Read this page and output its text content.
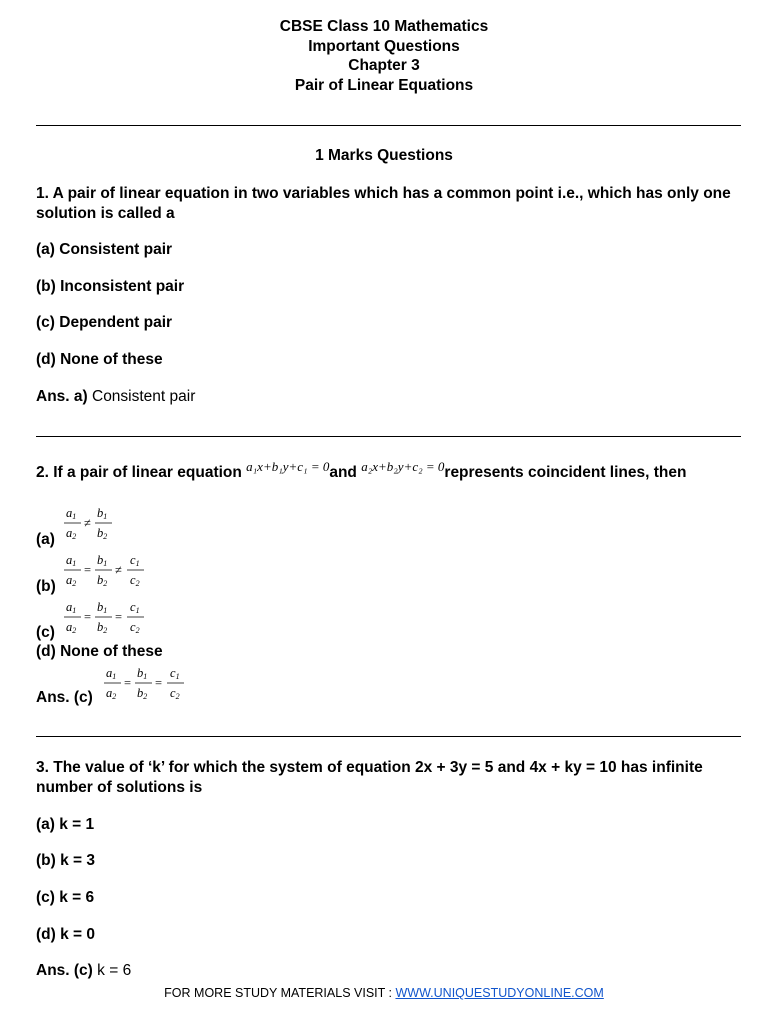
CBSE Class 10 Mathematics
Important Questions
Chapter 3
Pair of Linear Equations
1 Marks Questions
1. A pair of linear equation in two variables which has a common point i.e., which has only one solution is called a
(a) Consistent pair
(b) Inconsistent pair
(c) Dependent pair
(d) None of these
Ans. a) Consistent pair
2. If a pair of linear equation $^{a_1x+b_1y+c_1 = 0}$and $^{a_2x+b_2y+c_2 = 0}$represents coincident lines, then
(a)
a1
a2
≠
b1
b2
(b)
a1
a2
=
b1
b2
≠
c1
c2
(c)
a1
a2
=
b1
b2
=
c1
c2
(d) None of these
Ans. (c)
a1
a2
=
b1
b2
=
c1
c2
3. The value of ‘k’ for which the system of equation 2x + 3y = 5 and 4x + ky = 10 has infinite number of solutions is
(a) k = 1
(b) k = 3
(c) k = 6
(d) k = 0
Ans. (c) k = 6
FOR MORE STUDY MATERIALS VISIT : WWW.UNIQUESTUDYONLINE.COM
